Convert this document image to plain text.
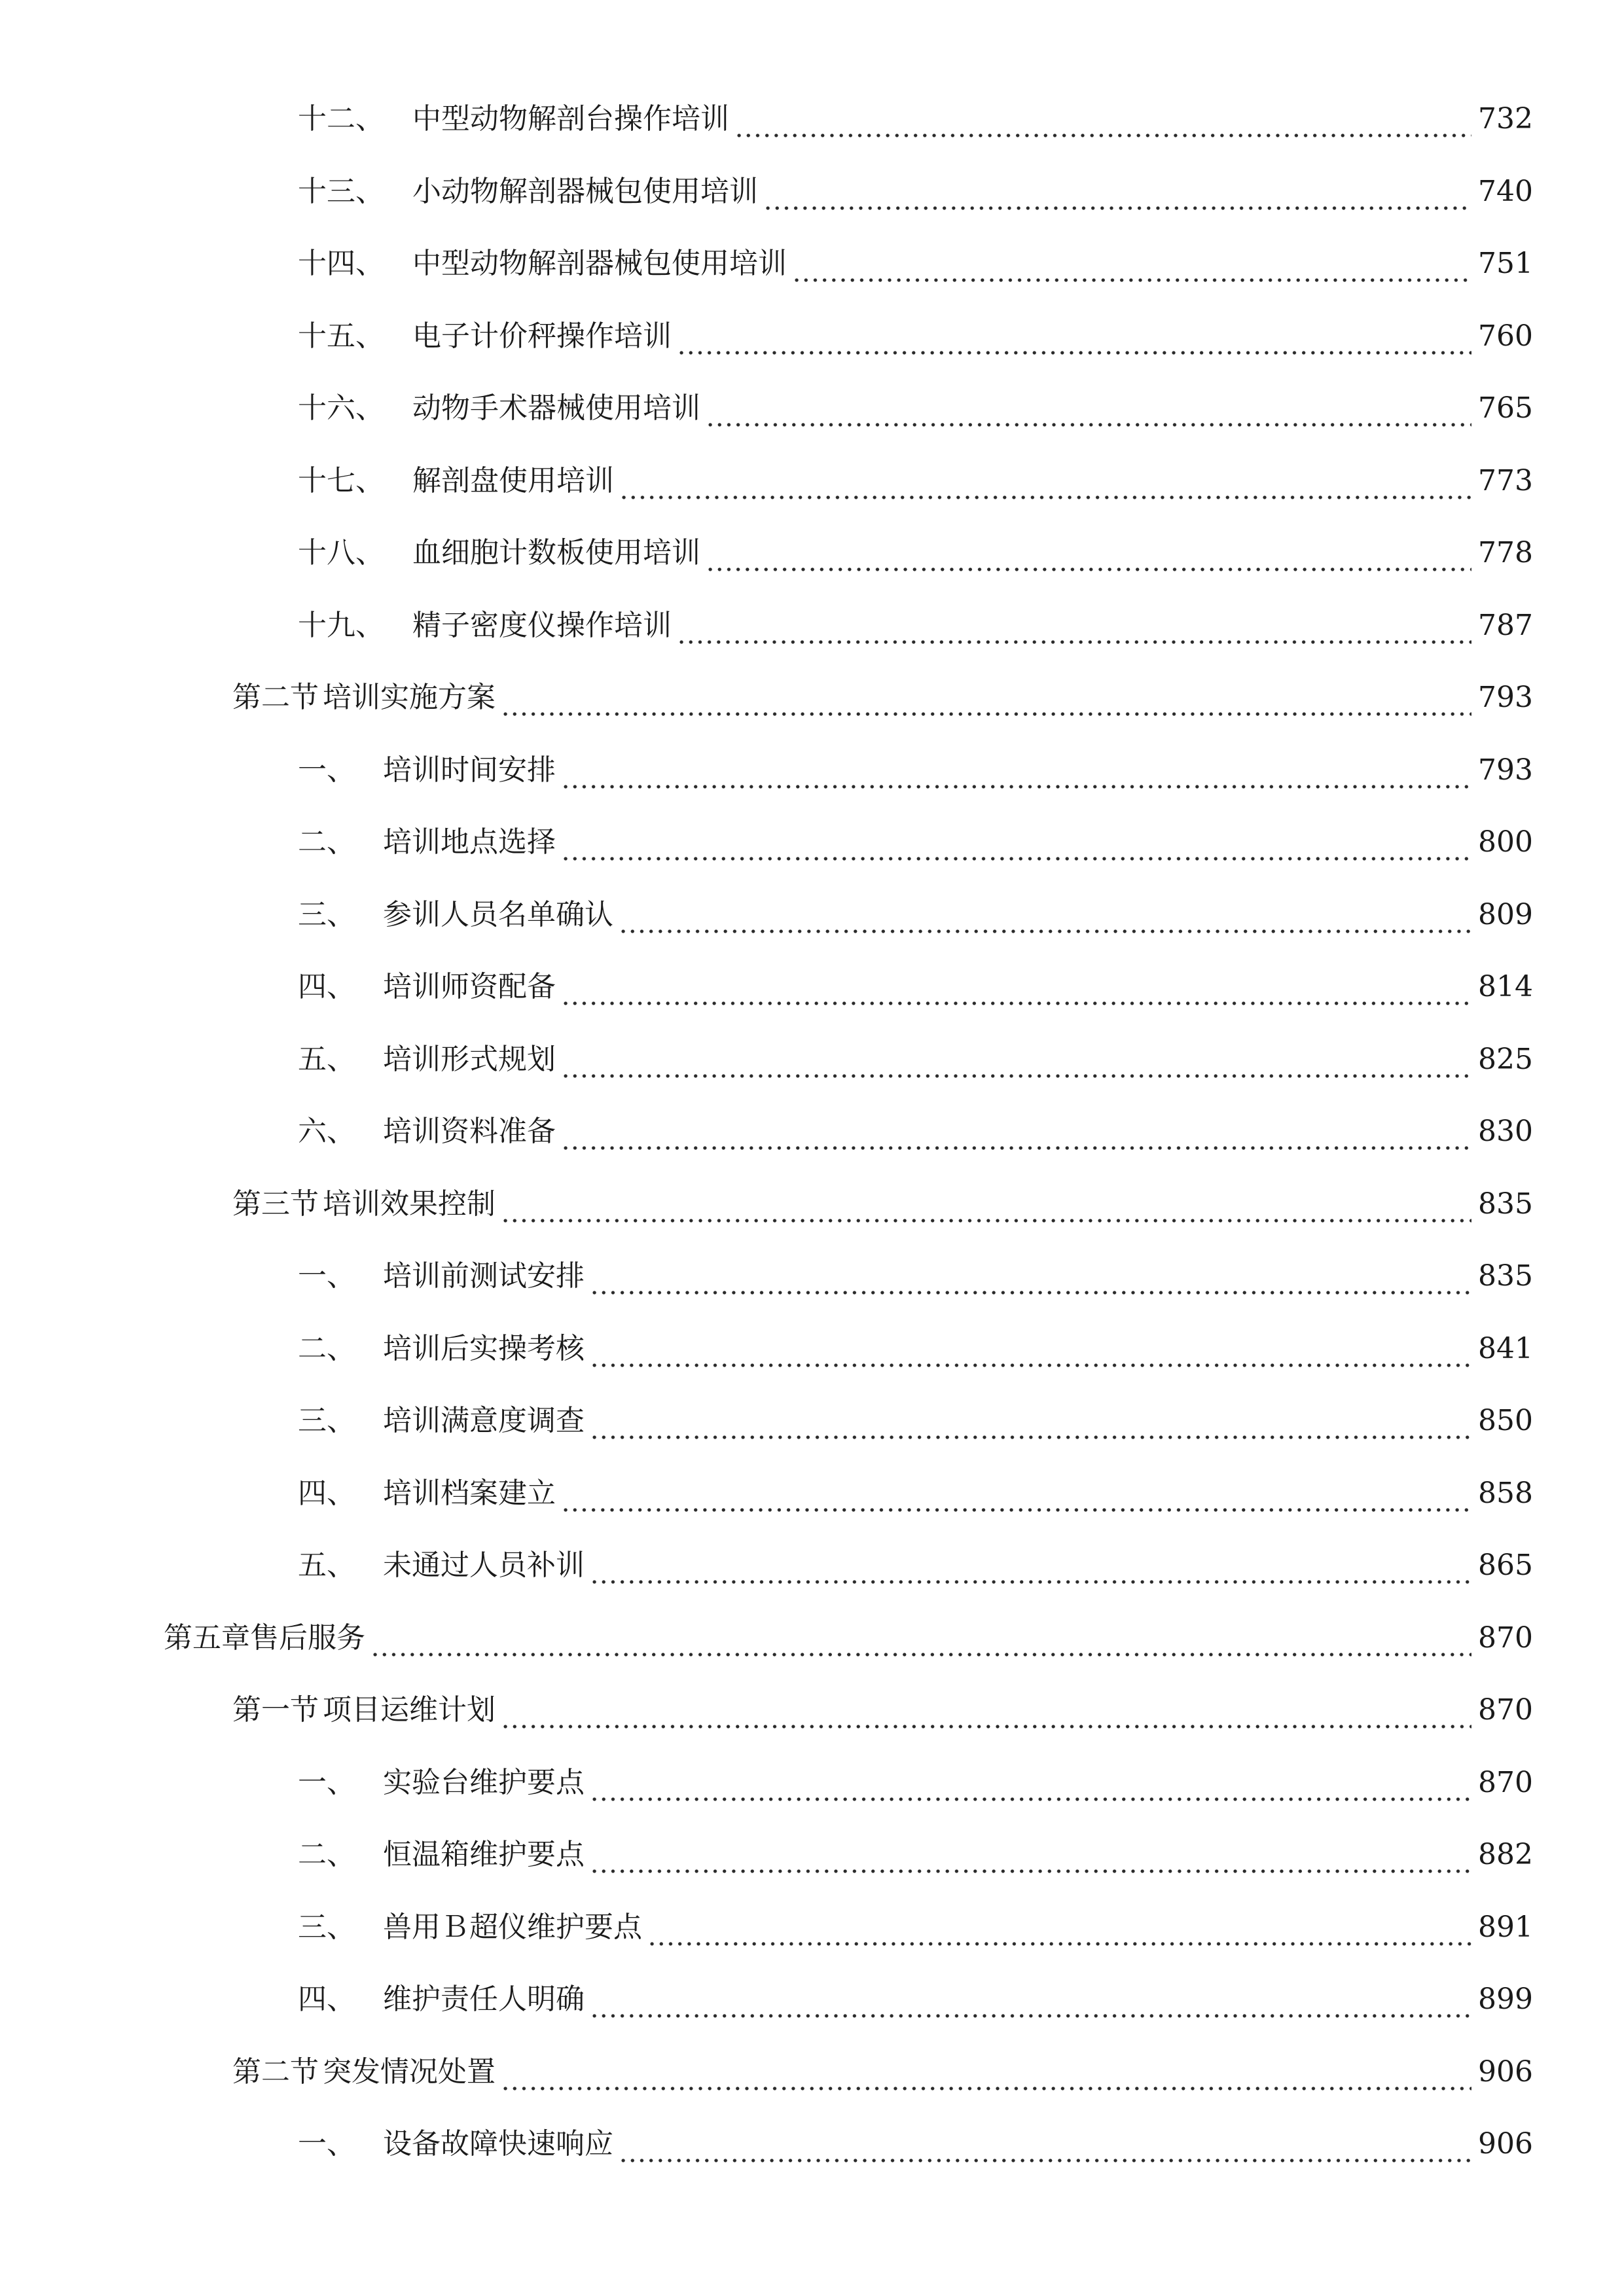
十二、 中型动物解剖台操作培训	732
十三、 小动物解剖器械包使用培训	740
十四、 中型动物解剖器械包使用培训	751
十五、 电子计价秤操作培训	760
十六、 动物手术器械使用培训	765
十七、 解剖盘使用培训	773
十八、 血细胞计数板使用培训	778
十九、 精子密度仪操作培训	787
第二节 培训实施方案	793
一、 培训时间安排	793
二、 培训地点选择	800
三、 参训人员名单确认	809
四、 培训师资配备	814
五、 培训形式规划	825
六、 培训资料准备	830
第三节 培训效果控制	835
一、 培训前测试安排	835
二、 培训后实操考核	841
三、 培训满意度调查	850
四、 培训档案建立	858
五、 未通过人员补训	865
第五章 售后服务	870
第一节 项目运维计划	870
一、 实验台维护要点	870
二、 恒温箱维护要点	882
三、 兽用Ｂ超仪维护要点	891
四、 维护责任人明确	899
第二节 突发情况处置	906
一、 设备故障快速响应	906
